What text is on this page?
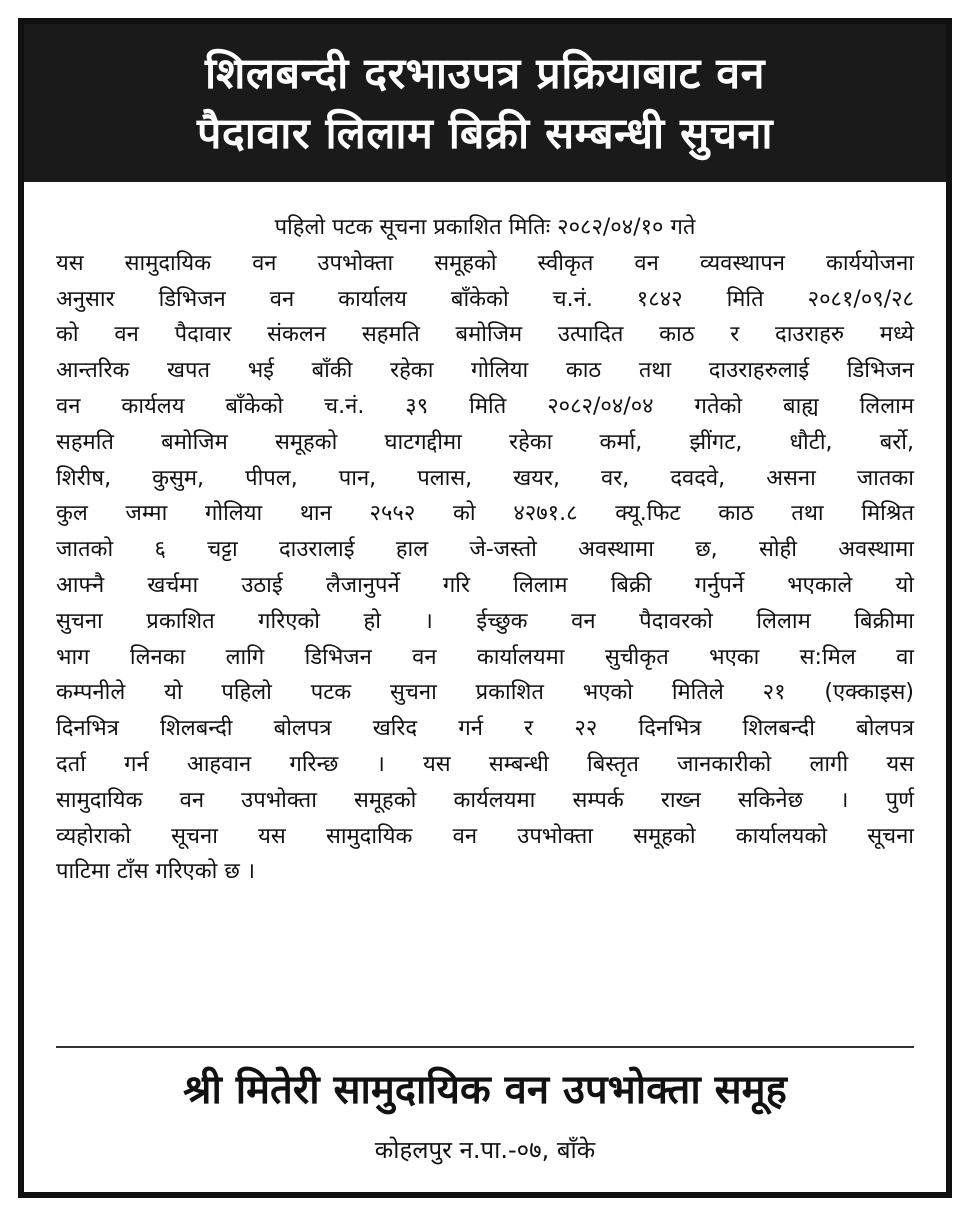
शिलबन्दी दरभाउपत्र प्रक्रियाबाट वन
पैदावार लिलाम बिक्री सम्बन्धी सुचना
पहिलो पटक सूचना प्रकाशित मितिः २०८२/०४/१० गते
यस सामुदायिक वन उपभोक्ता समूहको स्वीकृत वन व्यवस्थापन कार्ययोजना
अनुसार डिभिजन वन कार्यालय बाँकेको च.नं. १८४२ मिति २०८१/०९/२८
को वन पैदावार संकलन सहमति बमोजिम उत्पादित काठ र दाउराहरु मध्ये
आन्तरिक खपत भई बाँकी रहेका गोलिया काठ तथा दाउराहरुलाई डिभिजन
वन कार्यलय बाँकेको च.नं. ३९ मिति २०८२/०४/०४ गतेको बाह्य लिलाम
सहमति बमोजिम समूहको घाटगद्दीमा रहेका कर्मा, झींगट, धौटी, बर्रो,
शिरीष, कुसुम, पीपल, पान, पलास, खयर, वर, दवदवे, असना जातका
कुल जम्मा गोलिया थान २५५२ को ४२७१.८ क्यू.फिट काठ तथा मिश्रित
जातको ६ चट्टा दाउरालाई हाल जे-जस्तो अवस्थामा छ, सोही अवस्थामा
आफ्नै खर्चमा उठाई लैजानुपर्ने गरि लिलाम बिक्री गर्नुपर्ने भएकाले यो
सुचना प्रकाशित गरिएको हो । ईच्छुक वन पैदावरको लिलाम बिक्रीमा
भाग लिनका लागि डिभिजन वन कार्यालयमा सुचीकृत भएका स:मिल वा
कम्पनीले यो पहिलो पटक सुचना प्रकाशित भएको मितिले २१ (एक्काइस)
दिनभित्र शिलबन्दी बोलपत्र खरिद गर्न र २२ दिनभित्र शिलबन्दी बोलपत्र
दर्ता गर्न आहवान गरिन्छ । यस सम्बन्धी बिस्तृत जानकारीको लागी यस
सामुदायिक वन उपभोक्ता समूहको कार्यलयमा सम्पर्क राख्न सकिनेछ । पुर्ण
व्यहोराको सूचना यस सामुदायिक वन उपभोक्ता समूहको कार्यालयको सूचना
पाटिमा टाँस गरिएको छ ।
श्री मितेरी सामुदायिक वन उपभोक्ता समूह
कोहलपुर न.पा.-०७, बाँके
